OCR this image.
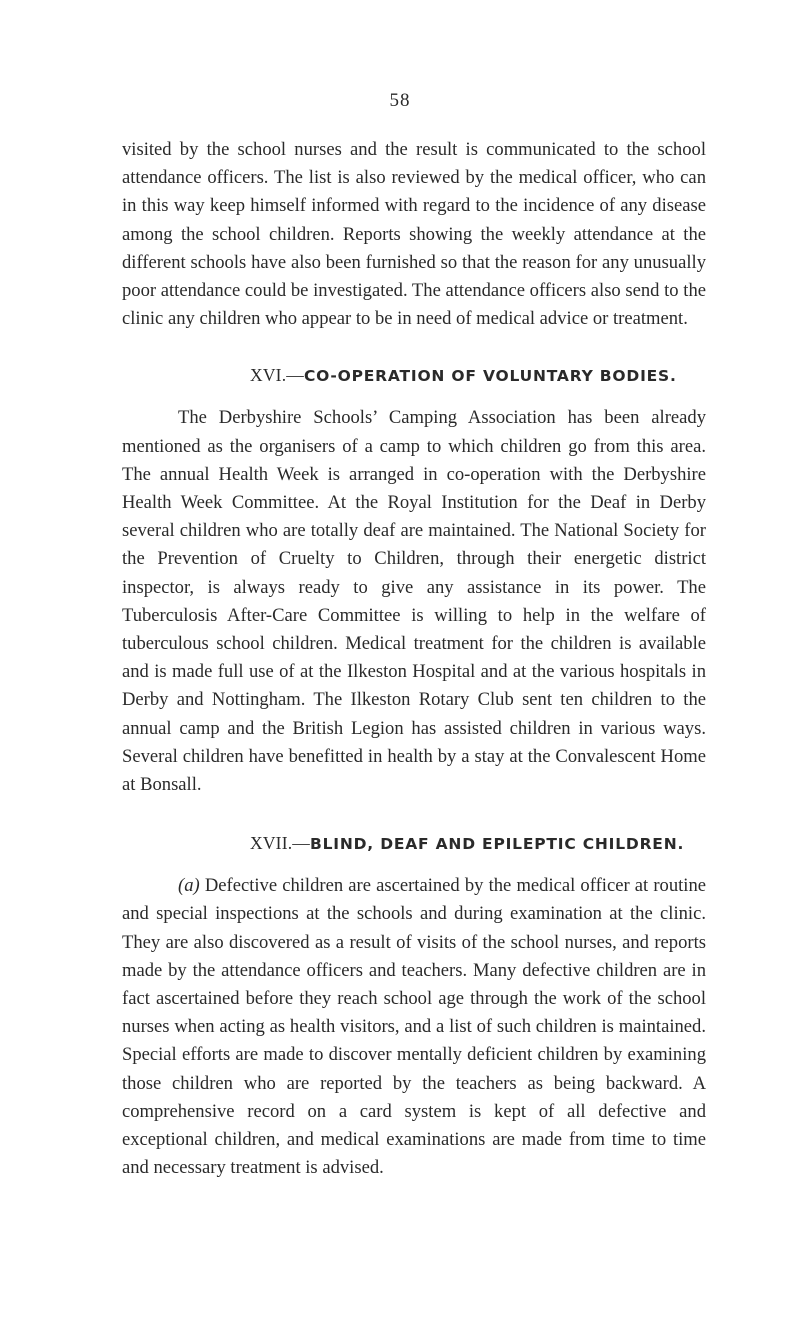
58

visited by the school nurses and the result is communicated to the school attendance officers. The list is also reviewed by the medical officer, who can in this way keep himself informed with regard to the incidence of any disease among the school children. Reports showing the weekly attendance at the different schools have also been furnished so that the reason for any unusually poor attendance could be investigated. The attendance officers also send to the clinic any children who appear to be in need of medical advice or treatment.

XVI.—CO-OPERATION OF VOLUNTARY BODIES.

The Derbyshire Schools’ Camping Association has been already mentioned as the organisers of a camp to which children go from this area. The annual Health Week is arranged in co-operation with the Derbyshire Health Week Committee. At the Royal Institution for the Deaf in Derby several children who are totally deaf are maintained. The National Society for the Prevention of Cruelty to Children, through their energetic district inspector, is always ready to give any assistance in its power. The Tuberculosis After-Care Committee is willing to help in the welfare of tuberculous school children. Medical treatment for the children is available and is made full use of at the Ilkeston Hospital and at the various hospitals in Derby and Nottingham. The Ilkeston Rotary Club sent ten children to the annual camp and the British Legion has assisted children in various ways. Several children have benefitted in health by a stay at the Convalescent Home at Bonsall.

XVII.—BLIND, DEAF AND EPILEPTIC CHILDREN.

(a) Defective children are ascertained by the medical officer at routine and special inspections at the schools and during examination at the clinic. They are also discovered as a result of visits of the school nurses, and reports made by the attendance officers and teachers. Many defective children are in fact ascertained before they reach school age through the work of the school nurses when acting as health visitors, and a list of such children is maintained. Special efforts are made to discover mentally deficient children by examining those children who are reported by the teachers as being backward. A comprehensive record on a card system is kept of all defective and exceptional children, and medical examinations are made from time to time and necessary treatment is advised.
